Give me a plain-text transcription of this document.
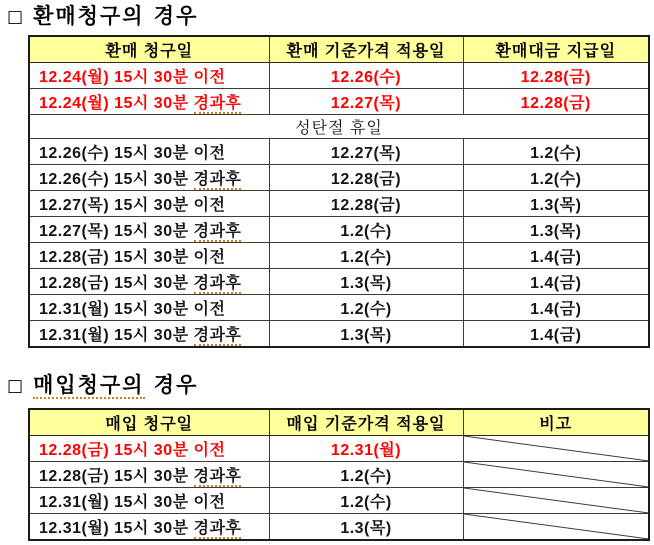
□ 환매청구의 경우
환매 청구일	환매 기준가격 적용일	환매대금 지급일
12.24(월) 15시 30분 이전	12.26(수)	12.28(금)
12.24(월) 15시 30분 경과후	12.27(목)	12.28(금)
성탄절 휴일		
12.26(수) 15시 30분 이전	12.27(목)	1.2(수)
12.26(수) 15시 30분 경과후	12.28(금)	1.2(수)
12.27(목) 15시 30분 이전	12.28(금)	1.3(목)
12.27(목) 15시 30분 경과후	1.2(수)	1.3(목)
12.28(금) 15시 30분 이전	1.2(수)	1.4(금)
12.28(금) 15시 30분 경과후	1.3(목)	1.4(금)
12.31(월) 15시 30분 이전	1.2(수)	1.4(금)
12.31(월) 15시 30분 경과후	1.3(목)	1.4(금)
□ 매입청구의 경우
매입 청구일	매입 기준가격 적용일	비고
12.28(금) 15시 30분 이전	12.31(월)	

12.28(금) 15시 30분 경과후	1.2(수)	

12.31(월) 15시 30분 이전	1.2(수)	

12.31(월) 15시 30분 경과후	1.3(목)	
